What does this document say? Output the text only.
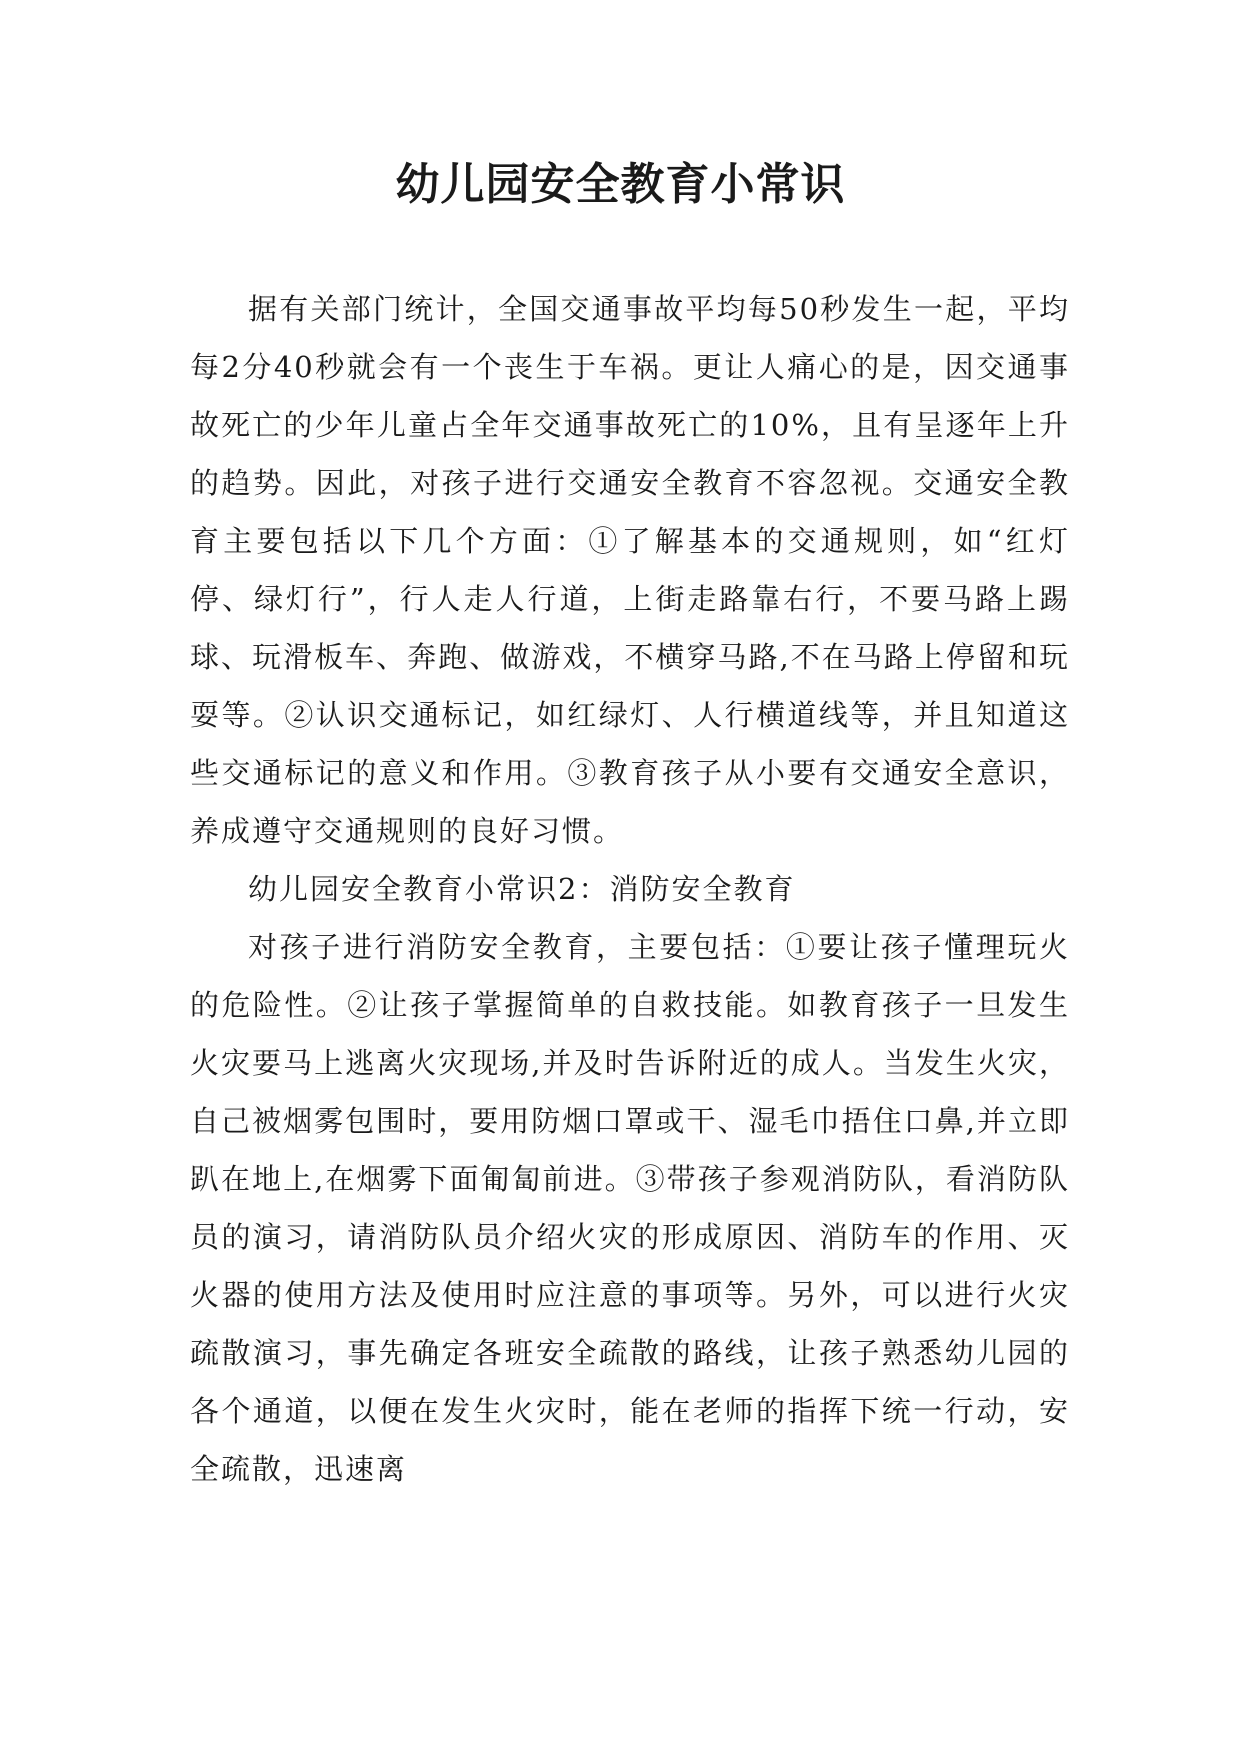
幼儿园安全教育小常识

据有关部门统计，全国交通事故平均每50秒发生一起，平均每2分40秒就会有一个丧生于车祸。更让人痛心的是，因交通事故死亡的少年儿童占全年交通事故死亡的10%，且有呈逐年上升的趋势。因此，对孩子进行交通安全教育不容忽视。交通安全教育主要包括以下几个方面：①了解基本的交通规则，如“红灯停、绿灯行”，行人走人行道，上街走路靠右行，不要马路上踢球、玩滑板车、奔跑、做游戏，不横穿马路,不在马路上停留和玩耍等。②认识交通标记，如红绿灯、人行横道线等，并且知道这些交通标记的意义和作用。③教育孩子从小要有交通安全意识，养成遵守交通规则的良好习惯。

幼儿园安全教育小常识2：消防安全教育

对孩子进行消防安全教育，主要包括：①要让孩子懂理玩火的危险性。②让孩子掌握简单的自救技能。如教育孩子一旦发生火灾要马上逃离火灾现场,并及时告诉附近的成人。当发生火灾，自己被烟雾包围时，要用防烟口罩或干、湿毛巾捂住口鼻,并立即趴在地上,在烟雾下面匍匐前进。③带孩子参观消防队，看消防队员的演习，请消防队员介绍火灾的形成原因、消防车的作用、灭火器的使用方法及使用时应注意的事项等。另外，可以进行火灾疏散演习，事先确定各班安全疏散的路线，让孩子熟悉幼儿园的各个通道，以便在发生火灾时，能在老师的指挥下统一行动，安全疏散，迅速离
